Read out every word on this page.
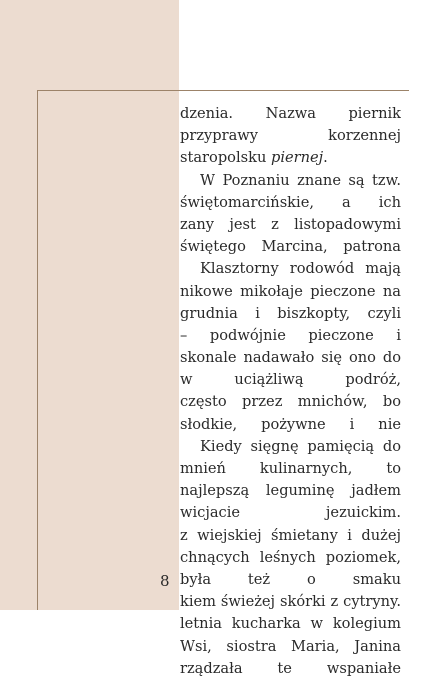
dzenia. Nazwa piernik
przyprawy korzennej
staropolsku piernej.
W Poznaniu znane są tzw.
świętomarcińskie, a ich
zany jest z listopadowymi
świętego Marcina, patrona
Klasztorny rodowód mają
nikowe mikołaje pieczone na
grudnia i biszkopty, czyli
– podwójnie pieczone i
skonale nadawało się ono do
w uciążliwą podróż,
często przez mnichów, bo
słodkie, pożywne i nie
Kiedy sięgnę pamięcią do
mnień kulinarnych, to
najlepszą leguminę jadłem
wicjacie jezuickim.
z wiejskiej śmietany i dużej
chnących leśnych poziomek,
była też o smaku
kiem świeżej skórki z cytryny.
letnia kucharka w kolegium
Wsi, siostra Maria, Janina
rządzała te wspaniałe
8
